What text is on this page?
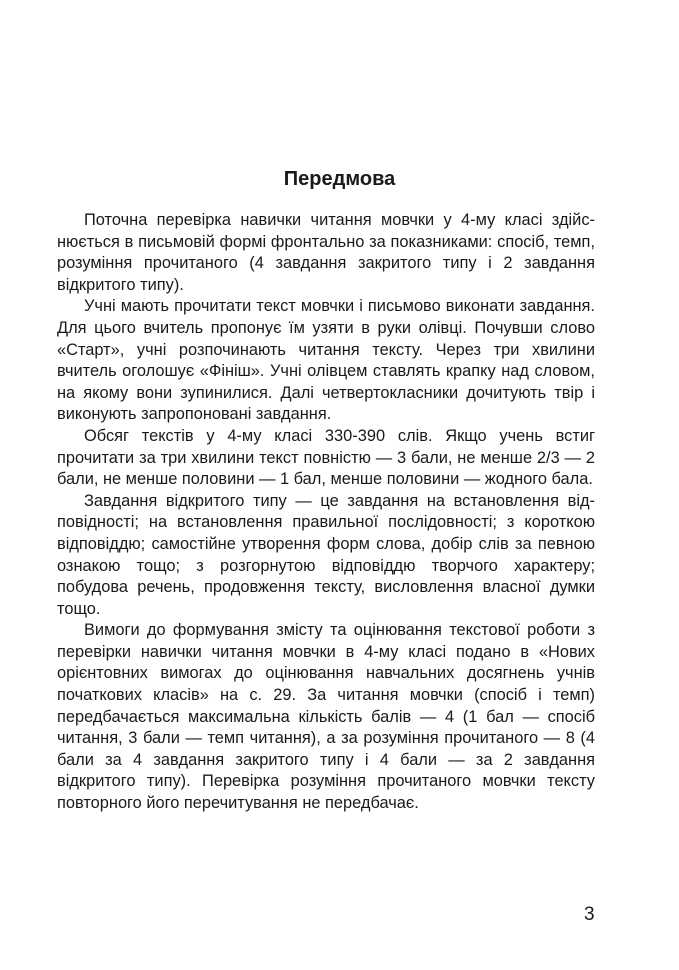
Передмова

Поточна перевірка навички читання мовчки у 4-му класі здійснюється в письмовій формі фронтально за показниками: спосіб, темп, розуміння прочитаного (4 завдання закритого типу і 2 завдання відкритого типу).

Учні мають прочитати текст мовчки і письмово виконати завдання. Для цього вчитель пропонує їм узяти в руки олівці. Почувши слово «Старт», учні розпочинають читання тексту. Через три хвилини вчитель оголошує «Фініш». Учні олівцем ставлять крапку над словом, на якому вони зупинилися. Далі четвертокласники дочитують твір і виконують запропоновані завдання.

Обсяг текстів у 4-му класі 330-390 слів. Якщо учень встиг прочитати за три хвилини текст повністю — 3 бали, не менше 2/3 — 2 бали, не менше половини — 1 бал, менше половини — жодного бала.

Завдання відкритого типу — це завдання на встановлення відповідності; на встановлення правильної послідовності; з короткою відповіддю; самостійне утворення форм слова, добір слів за певною ознакою тощо; з розгорнутою відповіддю творчого характеру; побудова речень, продовження тексту, висловлення власної думки тощо.

Вимоги до формування змісту та оцінювання текстової роботи з перевірки навички читання мовчки в 4-му класі подано в «Нових орієнтовних вимогах до оцінювання навчальних досягнень учнів початкових класів» на с. 29. За читання мовчки (спосіб і темп) передбачається максимальна кількість балів — 4 (1 бал — спосіб читання, 3 бали — темп читання), а за розуміння прочитаного — 8 (4 бали за 4 завдання закритого типу і 4 бали — за 2 завдання відкритого типу). Перевірка розуміння прочитаного мовчки тексту повторного його перечитування не передбачає.

3
